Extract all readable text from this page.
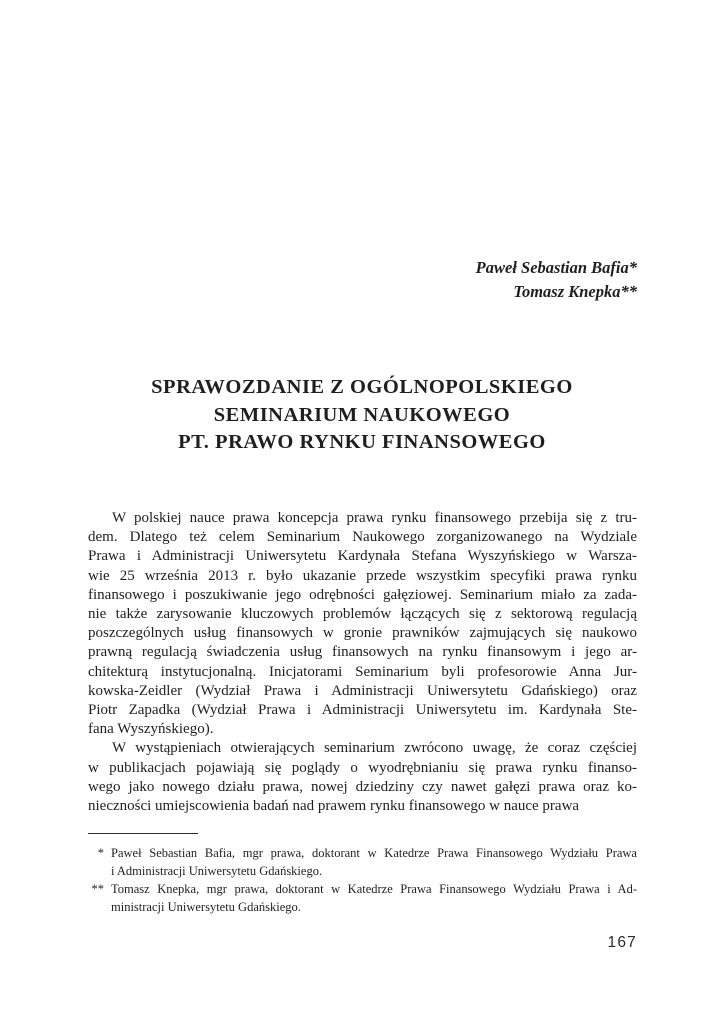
Paweł Sebastian Bafia*
Tomasz Knepka**
SPRAWOZDANIE Z OGÓLNOPOLSKIEGO
SEMINARIUM NAUKOWEGO
PT. PRAWO RYNKU FINANSOWEGO

W polskiej nauce prawa koncepcja prawa rynku finansowego przebija się z tru-
dem. Dlatego też celem Seminarium Naukowego zorganizowanego na Wydziale
Prawa i Administracji Uniwersytetu Kardynała Stefana Wyszyńskiego w Warsza-
wie 25 września 2013 r. było ukazanie przede wszystkim specyfiki prawa rynku
finansowego i poszukiwanie jego odrębności gałęziowej. Seminarium miało za zada-
nie także zarysowanie kluczowych problemów łączących się z sektorową regulacją
poszczególnych usług finansowych w gronie prawników zajmujących się naukowo
prawną regulacją świadczenia usług finansowych na rynku finansowym i jego ar-
chitekturą instytucjonalną. Inicjatorami Seminarium byli profesorowie Anna Jur-
kowska-Zeidler (Wydział Prawa i Administracji Uniwersytetu Gdańskiego) oraz
Piotr Zapadka (Wydział Prawa i Administracji Uniwersytetu im. Kardynała Ste-
fana Wyszyńskiego).

W wystąpieniach otwierających seminarium zwrócono uwagę, że coraz częściej
w publikacjach pojawiają się poglądy o wyodrębnianiu się prawa rynku finanso-
wego jako nowego działu prawa, nowej dziedziny czy nawet gałęzi prawa oraz ko-
nieczności umiejscowienia badań nad prawem rynku finansowego w nauce prawa

* Paweł Sebastian Bafia, mgr prawa, doktorant w Katedrze Prawa Finansowego Wydziału Prawa
i Administracji Uniwersytetu Gdańskiego.
** Tomasz Knepka, mgr prawa, doktorant w Katedrze Prawa Finansowego Wydziału Prawa i Ad-
ministracji Uniwersytetu Gdańskiego.
167
